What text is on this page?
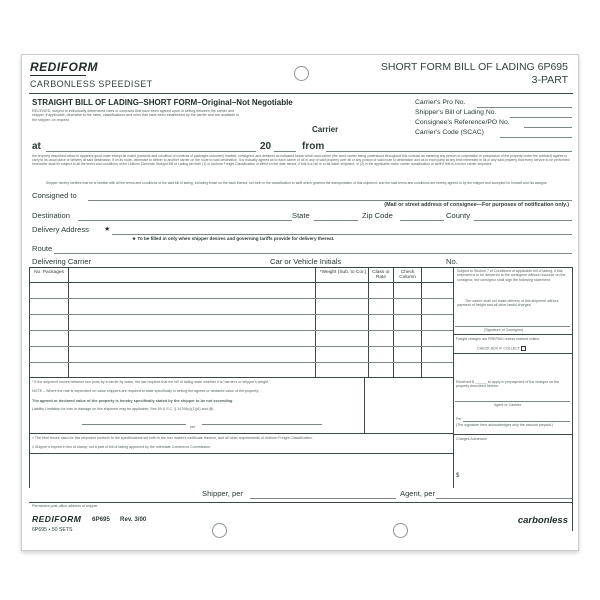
REDIFORM
CARBONLESS SPEEDISET
SHORT FORM BILL OF LADING 6P695
3-PART
STRAIGHT BILL OF LADING–SHORT FORM–Original–Not Negotiable
RECEIVED, subject to individually determined rates or contracts that have been agreed upon in writing between the carrier and shipper, if applicable, otherwise to the rates, classifications and rules that have been established by the carrier and are available to the shipper, on request;
Carrier
Carrier's Pro No.
Shipper's Bill of Lading No.
Consignee's Reference/PO No.
Carrier's Code (SCAC)
at	20	from
the property described below in apparent good order except as noted (contents and condition of contents of packages unknown) marked, consigned, and destined as indicated below which said carrier (the word carrier being understood throughout this contract as meaning any person or corporation in possession of the property under the contract) agrees to carry to its usual place of delivery at said destination, if on its route, otherwise to deliver to another carrier on the route to said destination. It is mutually agreed as to each carrier of all or any of said property over all or any portion of said route to destination and as to each party at any time interested in all or any said property that every service to be performed hereunder shall be subject to all the terms and conditions of the Uniform Domestic Straight Bill of Lading set forth (1) in Uniform Freight Classification in effect on the date hereof, if this is a rail or a rail-water shipment, or (2) in the applicable motor carrier classification or tariff if this is a motor carrier shipment.
Shipper hereby certifies that he is familiar with all the terms and conditions of the said bill of lading, including those on the back thereof, set forth in the classification or tariff which governs the transportation of this shipment, and the said terms and conditions are hereby agreed to by the shipper and accepted for himself and his assigns.
Consigned to
(Mail or street address of consignee—For purposes of notification only.)
Destination	State	Zip Code	County
Delivery Address ★
★ To be filled in only when shipper desires and governing tariffs provide for delivery thereat.
Route
Delivering Carrier	Car or Vehicle Initials	No.
No. Packages	*Weight (Sub. to Cor.)	Class or Rate
Check Column
Subject to Section 7 of Conditions of applicable bill of lading, if this shipment is to be delivered to the consignee without recourse on the consignor, the consignor shall sign the following statement:
The carrier shall not make delivery of this shipment without payment of freight and all other lawful charges.
(Signature of Consignor)
Freight charges are PREPAID unless marked collect
CHECK BOX IF COLLECT
Received $ ______ to apply in prepayment of the charges on the property described hereon.
Agent or Cashier
Per
(The signature here acknowledges only the amount prepaid.)
Charges Advanced:
$
* If the shipment moves between two ports by a carrier by water, the law requires that the bill of lading state whether it is "carrier's or shipper's weight."
NOTE – Where the rate is dependent on value shippers are required to state specifically in writing the agreed or declared value of the property.
The agreed or declared value of the property is hereby specifically stated by the shipper to be not exceeding
Liability Limitation for loss or damage on this shipment may be applicable. See 49 U.S.C. § 14706(c)(1)(A) and (B).
per
† The fibre boxes used for this shipment conform to the specifications set forth in the box maker's certificate thereon, and all other requirements of Uniform Freight Classification.
‡ Shipper's imprint in lieu of stamp; not a part of bill of lading approved by the Interstate Commerce Commission.
Shipper, per	Agent, per
Permanent post-office address of shipper
REDIFORM 6P695 Rev. 3/00
6P695 • 50 SETS
carbonless
